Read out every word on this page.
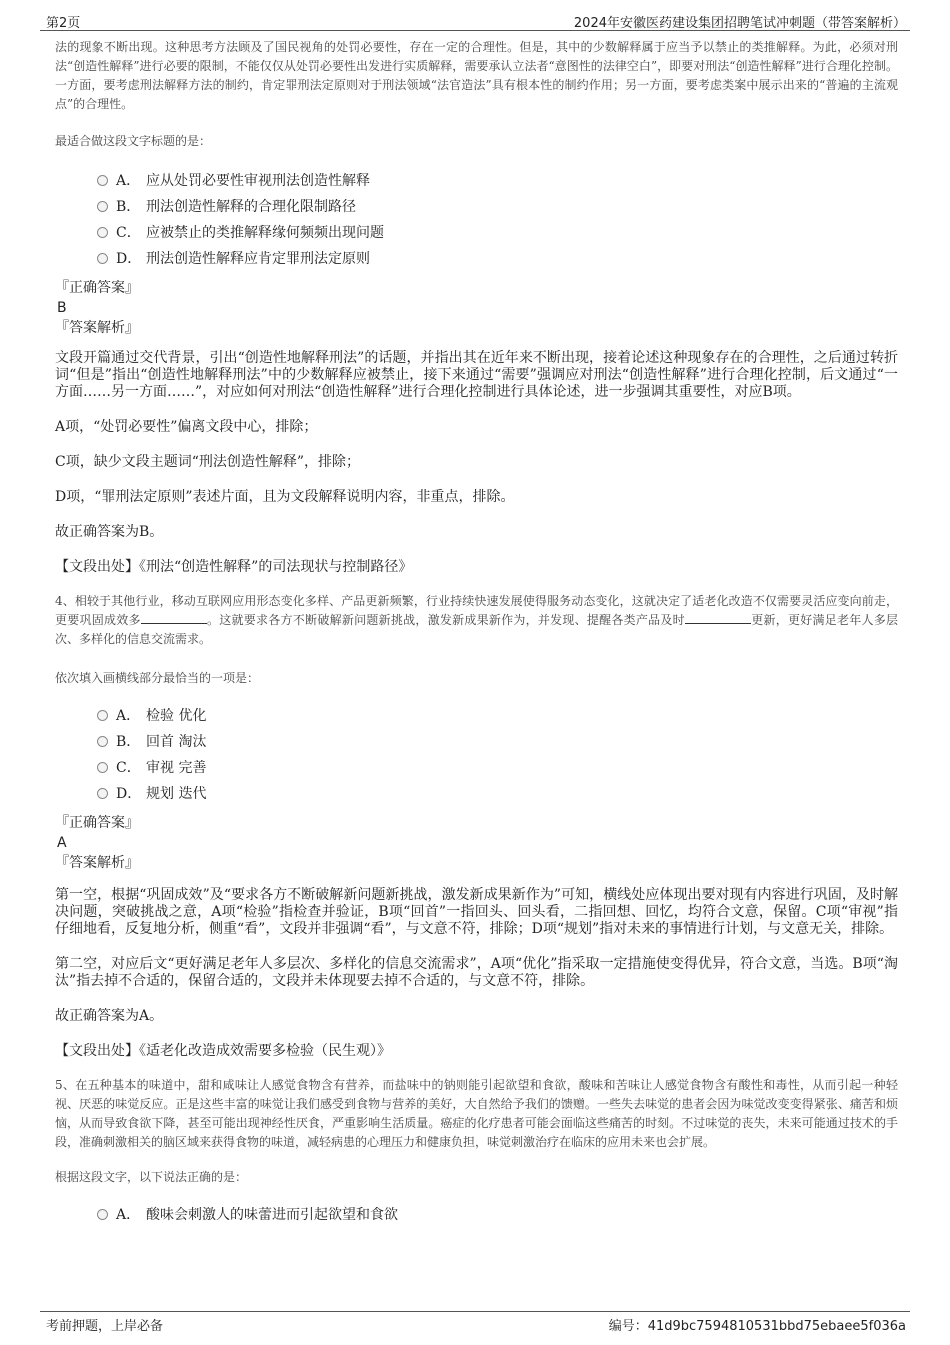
第2页	2024年安徽医药建设集团招聘笔试冲刺题（带答案解析）

法的现象不断出现。这种思考方法顾及了国民视角的处罚必要性，存在一定的合理性。但是，其中的少数解释属于应当予以禁止的类推解释。为此，必须对刑法“创造性解释”进行必要的限制，不能仅仅从处罚必要性出发进行实质解释，需要承认立法者“意图性的法律空白”，即要对刑法“创造性解释”进行合理化控制。一方面，要考虑刑法解释方法的制约，肯定罪刑法定原则对于刑法领域“法官造法”具有根本性的制约作用；另一方面，要考虑类案中展示出来的“普遍的主流观点”的合理性。

最适合做这段文字标题的是：

A． 应从处罚必要性审视刑法创造性解释
B． 刑法创造性解释的合理化限制路径
C． 应被禁止的类推解释缘何频频出现问题
D． 刑法创造性解释应肯定罪刑法定原则

『正确答案』

B

『答案解析』

文段开篇通过交代背景，引出“创造性地解释刑法”的话题，并指出其在近年来不断出现，接着论述这种现象存在的合理性，之后通过转折词“但是”指出“创造性地解释刑法”中的少数解释应被禁止，接下来通过“需要”强调应对刑法“创造性解释”进行合理化控制，后文通过“一方面……另一方面……”，对应如何对刑法“创造性解释”进行合理化控制进行具体论述，进一步强调其重要性，对应B项。

A项，“处罚必要性”偏离文段中心，排除；

C项，缺少文段主题词“刑法创造性解释”，排除；

D项，“罪刑法定原则”表述片面，且为文段解释说明内容，非重点，排除。

故正确答案为B。

【文段出处】《刑法“创造性解释”的司法现状与控制路径》

4、相较于其他行业，移动互联网应用形态变化多样、产品更新频繁，行业持续快速发展使得服务动态变化，这就决定了适老化改造不仅需要灵活应变向前走，更要巩固成效多	。这就要求各方不断破解新问题新挑战，激发新成果新作为，并发现、提醒各类产品及时	更新，更好满足老年人多层次、多样化的信息交流需求。

依次填入画横线部分最恰当的一项是：

A． 检验 优化
B． 回首 淘汰
C． 审视 完善
D． 规划 迭代

『正确答案』

A

『答案解析』

第一空，根据“巩固成效”及“要求各方不断破解新问题新挑战，激发新成果新作为”可知，横线处应体现出要对现有内容进行巩固，及时解决问题，突破挑战之意，A项“检验”指检查并验证，B项“回首”一指回头、回头看，二指回想、回忆，均符合文意，保留。C项“审视”指仔细地看，反复地分析，侧重“看”，文段并非强调“看”，与文意不符，排除；D项“规划”指对未来的事情进行计划，与文意无关，排除。

第二空，对应后文“更好满足老年人多层次、多样化的信息交流需求”，A项“优化”指采取一定措施使变得优异，符合文意，当选。B项“淘汰”指去掉不合适的，保留合适的，文段并未体现要去掉不合适的，与文意不符，排除。

故正确答案为A。

【文段出处】《适老化改造成效需要多检验（民生观）》

5、在五种基本的味道中，甜和咸味让人感觉食物含有营养，而盐味中的钠则能引起欲望和食欲，酸味和苦味让人感觉食物含有酸性和毒性，从而引起一种轻视、厌恶的味觉反应。正是这些丰富的味觉让我们感受到食物与营养的美好，大自然给予我们的馈赠。一些失去味觉的患者会因为味觉改变变得紧张、痛苦和烦恼，从而导致食欲下降，甚至可能出现神经性厌食，严重影响生活质量。癌症的化疗患者可能会面临这些痛苦的时刻。不过味觉的丧失，未来可能通过技术的手段，准确刺激相关的脑区域来获得食物的味道，减轻病患的心理压力和健康负担，味觉刺激治疗在临床的应用未来也会扩展。

根据这段文字，以下说法正确的是：

A． 酸味会刺激人的味蕾进而引起欲望和食欲
考前押题，上岸必备	编号：41d9bc7594810531bbd75ebaee5f036a
